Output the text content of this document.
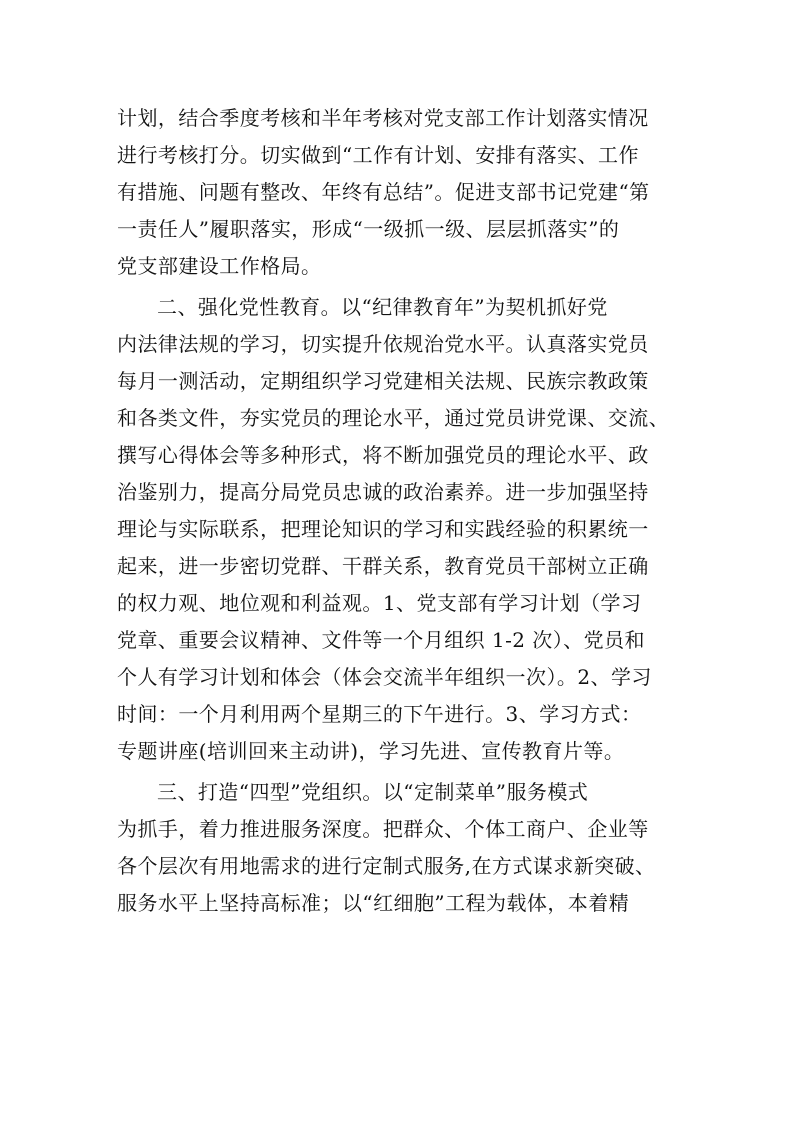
计划，结合季度考核和半年考核对党支部工作计划落实情况
进行考核打分。切实做到“工作有计划、安排有落实、工作
有措施、问题有整改、年终有总结”。促进支部书记党建“第
一责任人”履职落实，形成“一级抓一级、层层抓落实”的
党支部建设工作格局。
二、强化党性教育。以“纪律教育年”为契机抓好党
内法律法规的学习，切实提升依规治党水平。认真落实党员
每月一测活动，定期组织学习党建相关法规、民族宗教政策
和各类文件，夯实党员的理论水平，通过党员讲党课、交流、
撰写心得体会等多种形式，将不断加强党员的理论水平、政
治鉴别力，提高分局党员忠诚的政治素养。进一步加强坚持
理论与实际联系，把理论知识的学习和实践经验的积累统一
起来，进一步密切党群、干群关系，教育党员干部树立正确
的权力观、地位观和利益观。1、党支部有学习计划（学习
党章、重要会议精神、文件等一个月组织 1-2 次）、党员和
个人有学习计划和体会（体会交流半年组织一次）。2、学习
时间：一个月利用两个星期三的下午进行。3、学习方式：
专题讲座(培训回来主动讲)，学习先进、宣传教育片等。
三、打造“四型”党组织。以“定制菜单”服务模式
为抓手，着力推进服务深度。把群众、个体工商户、企业等
各个层次有用地需求的进行定制式服务,在方式谋求新突破、
服务水平上坚持高标准；以“红细胞”工程为载体，本着精
